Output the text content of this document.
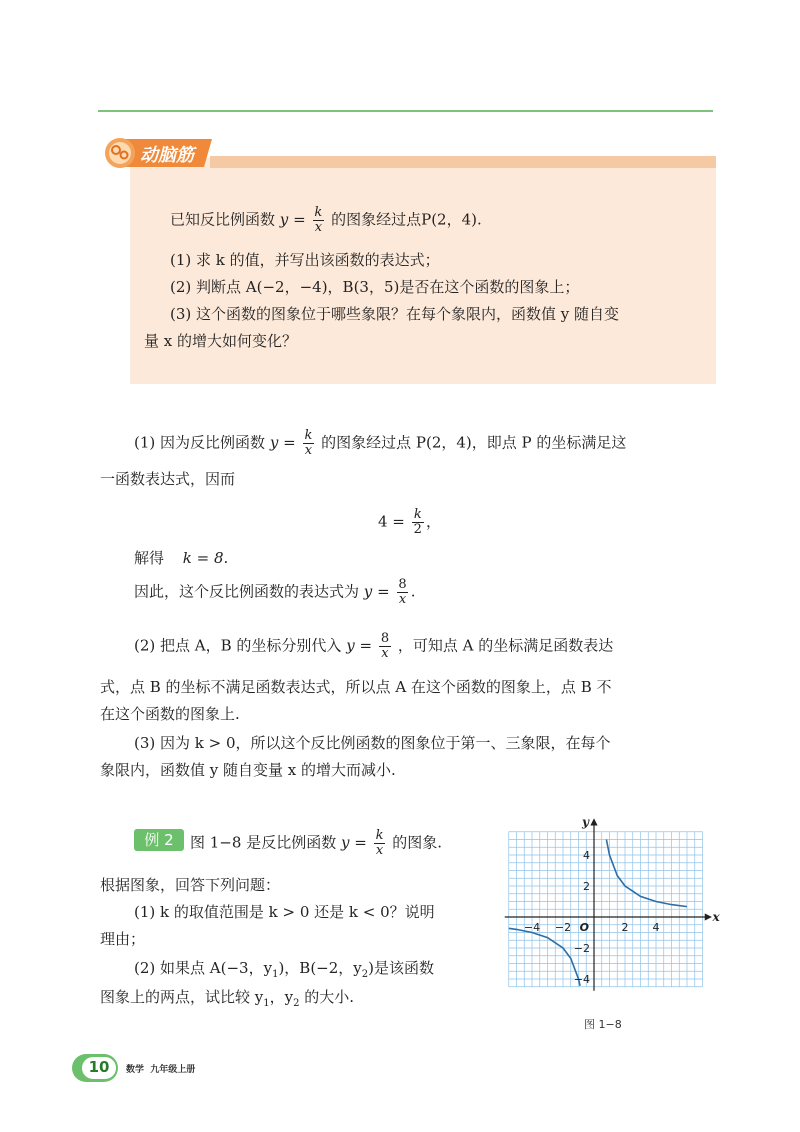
动脑筋
已知反比例函数 $y = \frac{k}{x}$ 的图象经过点P(2，4).
(1) 求 k 的值，并写出该函数的表达式；
(2) 判断点 A(−2，−4)，B(3，5)是否在这个函数的图象上；
(3) 这个函数的图象位于哪些象限？在每个象限内，函数值 y 随自变
量 x 的增大如何变化？
(1) 因为反比例函数 $y = \frac{k}{x}$ 的图象经过点 P(2，4)，即点 P 的坐标满足这
一函数表达式，因而
$4 = \frac{k}{2}$ ，
解得 k = 8.
因此，这个反比例函数的表达式为 $y = \frac{8}{x}$ .
(2) 把点 A，B 的坐标分别代入 $y = \frac{8}{x}$ ，可知点 A 的坐标满足函数表达
式，点 B 的坐标不满足函数表达式，所以点 A 在这个函数的图象上，点 B 不
在这个函数的图象上.
(3) 因为 k > 0，所以这个反比例函数的图象位于第一、三象限，在每个
象限内，函数值 y 随自变量 x 的增大而减小.
例 2	图 1−8 是反比例函数 $y = \frac{k}{x}$ 的图象.
根据图象，回答下列问题：
(1) k 的取值范围是 k > 0 还是 k < 0？说明
理由；
(2) 如果点 A(−3，$y_1$)，B(−2，$y_2$)是该函数
图象上的两点，试比较 $y_1$，$y_2$ 的大小.
−4 −2	2 4
4
2
−2
−4
O
x
y
图 1−8
10	数学  九年级上册
